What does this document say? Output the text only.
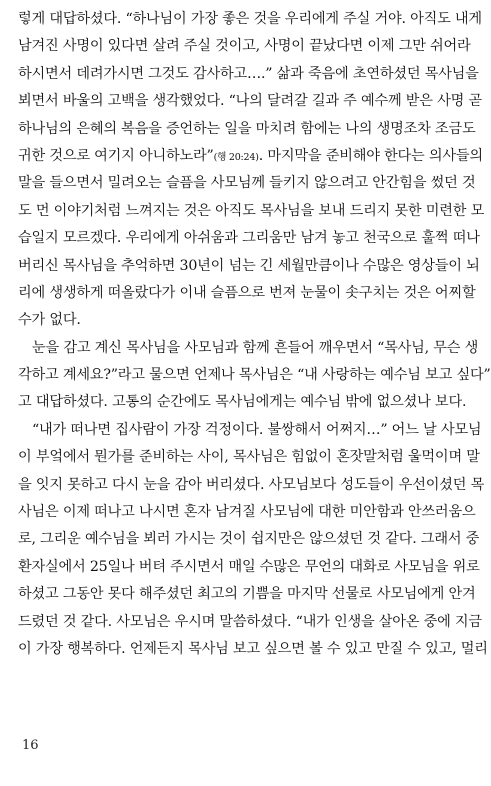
렇게 대답하셨다. “하나님이 가장 좋은 것을 우리에게 주실 거야. 아직도 내게
남겨진 사명이 있다면 살려 주실 것이고, 사명이 끝났다면 이제 그만 쉬어라
하시면서 데려가시면 그것도 감사하고….” 삶과 죽음에 초연하셨던 목사님을
뵈면서 바울의 고백을 생각했었다. “나의 달려갈 길과 주 예수께 받은 사명 곧
하나님의 은혜의 복음을 증언하는 일을 마치려 함에는 나의 생명조차 조금도
귀한 것으로 여기지 아니하노라”(행 20:24). 마지막을 준비해야 한다는 의사들의
말을 들으면서 밀려오는 슬픔을 사모님께 들키지 않으려고 안간힘을 썼던 것
도 먼 이야기처럼 느껴지는 것은 아직도 목사님을 보내 드리지 못한 미련한 모
습일지 모르겠다. 우리에게 아쉬움과 그리움만 남겨 놓고 천국으로 훌쩍 떠나
버리신 목사님을 추억하면 30년이 넘는 긴 세월만큼이나 수많은 영상들이 뇌
리에 생생하게 떠올랐다가 이내 슬픔으로 번져 눈물이 솟구치는 것은 어찌할
수가 없다.
눈을 감고 계신 목사님을 사모님과 함께 흔들어 깨우면서 “목사님, 무슨 생
각하고 계세요?”라고 물으면 언제나 목사님은 “내 사랑하는 예수님 보고 싶다”
고 대답하셨다. 고통의 순간에도 목사님에게는 예수님 밖에 없으셨나 보다.
“내가 떠나면 집사람이 가장 걱정이다. 불쌍해서 어쩌지…” 어느 날 사모님
이 부엌에서 뭔가를 준비하는 사이, 목사님은 힘없이 혼잣말처럼 울먹이며 말
을 잇지 못하고 다시 눈을 감아 버리셨다. 사모님보다 성도들이 우선이셨던 목
사님은 이제 떠나고 나시면 혼자 남겨질 사모님에 대한 미안함과 안쓰러움으
로, 그리운 예수님을 뵈러 가시는 것이 쉽지만은 않으셨던 것 같다. 그래서 중
환자실에서 25일나 버텨 주시면서 매일 수많은 무언의 대화로 사모님을 위로
하셨고 그동안 못다 해주셨던 최고의 기쁨을 마지막 선물로 사모님에게 안겨
드렸던 것 같다. 사모님은 우시며 말씀하셨다. “내가 인생을 살아온 중에 지금
이 가장 행복하다. 언제든지 목사님 보고 싶으면 볼 수 있고 만질 수 있고, 멀리
16
